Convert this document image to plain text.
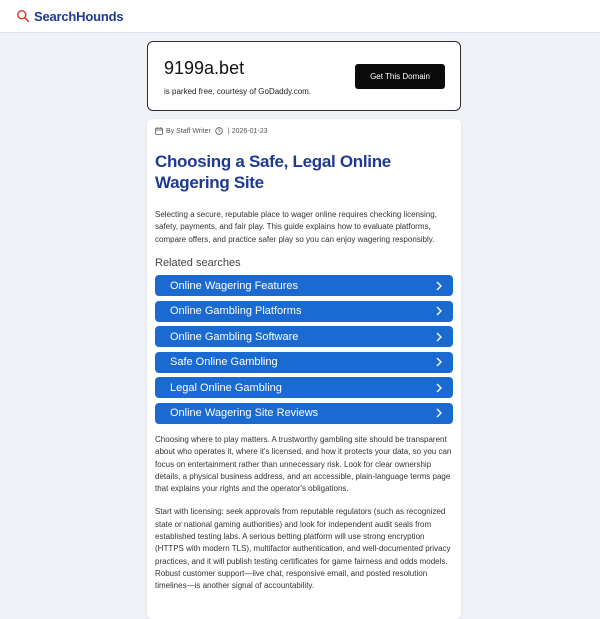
SearchHounds
9199a.bet
is parked free, courtesy of GoDaddy.com.
Get This Domain
By Staff Writer | 2026-01-23
Choosing a Safe, Legal Online Wagering Site

Selecting a secure, reputable place to wager online requires checking licensing, safety, payments, and fair play. This guide explains how to evaluate platforms, compare offers, and practice safer play so you can enjoy wagering responsibly.

Related searches
Online Wagering Features
Online Gambling Platforms
Online Gambling Software
Safe Online Gambling
Legal Online Gambling
Online Wagering Site Reviews

Choosing where to play matters. A trustworthy gambling site should be transparent about who operates it, where it's licensed, and how it protects your data, so you can focus on entertainment rather than unnecessary risk. Look for clear ownership details, a physical business address, and an accessible, plain-language terms page that explains your rights and the operator's obligations.

Start with licensing: seek approvals from reputable regulators (such as recognized state or national gaming authorities) and look for independent audit seals from established testing labs. A serious betting platform will use strong encryption (HTTPS with modern TLS), multifactor authentication, and well-documented privacy practices, and it will publish testing certificates for game fairness and odds models. Robust customer support—live chat, responsive email, and posted resolution timelines—is another signal of accountability.
